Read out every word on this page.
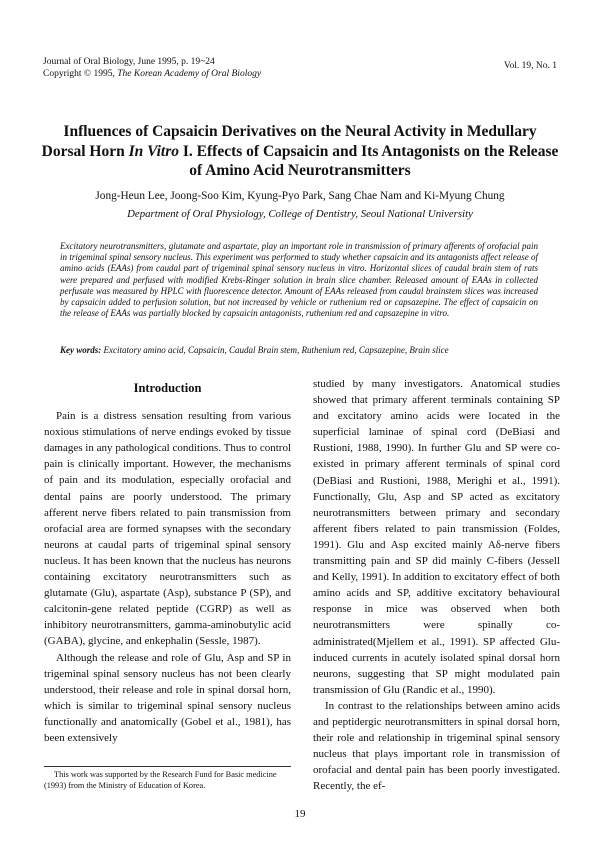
Journal of Oral Biology, June 1995, p. 19~24
Copyright © 1995, The Korean Academy of Oral Biology
Vol. 19, No. 1
Influences of Capsaicin Derivatives on the Neural Activity in Medullary Dorsal Horn In Vitro I. Effects of Capsaicin and Its Antagonists on the Release of Amino Acid Neurotransmitters
Jong-Heun Lee, Joong-Soo Kim, Kyung-Pyo Park, Sang Chae Nam and Ki-Myung Chung
Department of Oral Physiology, College of Dentistry, Seoul National University
Excitatory neurotransmitters, glutamate and aspartate, play an important role in transmission of primary afferents of orofacial pain in trigeminal spinal sensory nucleus. This experiment was performed to study whether capsaicin and its antagonists affect release of amino acids (EAAs) from caudal part of trigeminal spinal sensory nucleus in vitro. Horizontal slices of caudal brain stem of rats were prepared and perfused with modified Krebs-Ringer solution in brain slice chamber. Released amount of EAAs in collected perfusate was measured by HPLC with fluorescence detector. Amount of EAAs released from caudal brainstem slices was increased by capsaicin added to perfusion solution, but not increased by vehicle or ruthenium red or capsazepine. The effect of capsaicin on the release of EAAs was partially blocked by capsaicin antagonists, ruthenium red and capsazepine in vitro.
Key words: Excitatory amino acid, Capsaicin, Caudal Brain stem, Ruthenium red, Capsazepine, Brain slice

Introduction

Pain is a distress sensation resulting from various noxious stimulations of nerve endings evoked by tissue damages in any pathological conditions. Thus to control pain is clinically important. However, the mechanisms of pain and its modulation, especially orofacial and dental pains are poorly understood. The primary afferent nerve fibers related to pain transmission from orofacial area are formed synapses with the secondary neurons at caudal parts of trigeminal spinal sensory nucleus. It has been known that the nucleus has neurons containing excitatory neurotransmitters such as glutamate (Glu), aspartate (Asp), substance P (SP), and calcitonin-gene related peptide (CGRP) as well as inhibitory neurotransmitters, gamma-aminobutylic acid (GABA), glycine, and enkephalin (Sessle, 1987).

Although the release and role of Glu, Asp and SP in trigeminal spinal sensory nucleus has not been clearly understood, their release and role in spinal dorsal horn, which is similar to trigeminal spinal sensory nucleus functionally and anatomically (Gobel et al., 1981), has been extensively

studied by many investigators. Anatomical studies showed that primary afferent terminals containing SP and excitatory amino acids were located in the superficial laminae of spinal cord (DeBiasi and Rustioni, 1988, 1990). In further Glu and SP were co-existed in primary afferent terminals of spinal cord (DeBiasi and Rustioni, 1988, Merighi et al., 1991). Functionally, Glu, Asp and SP acted as excitatory neurotransmitters between primary and secondary afferent fibers related to pain transmission (Foldes, 1991). Glu and Asp excited mainly Aδ-nerve fibers transmitting pain and SP did mainly C-fibers (Jessell and Kelly, 1991). In addition to excitatory effect of both amino acids and SP, additive excitatory behavioural response in mice was observed when both neurotransmitters were spinally co-administrated(Mjellem et al., 1991). SP affected Glu-induced currents in acutely isolated spinal dorsal horn neurons, suggesting that SP might modulated pain transmission of Glu (Randic et al., 1990).

In contrast to the relationships between amino acids and peptidergic neurotransmitters in spinal dorsal horn, their role and relationship in trigeminal spinal sensory nucleus that plays important role in transmission of orofacial and dental pain has been poorly investigated. Recently, the ef-

This work was supported by the Research Fund for Basic medicine (1993) from the Ministry of Education of Korea.
19
